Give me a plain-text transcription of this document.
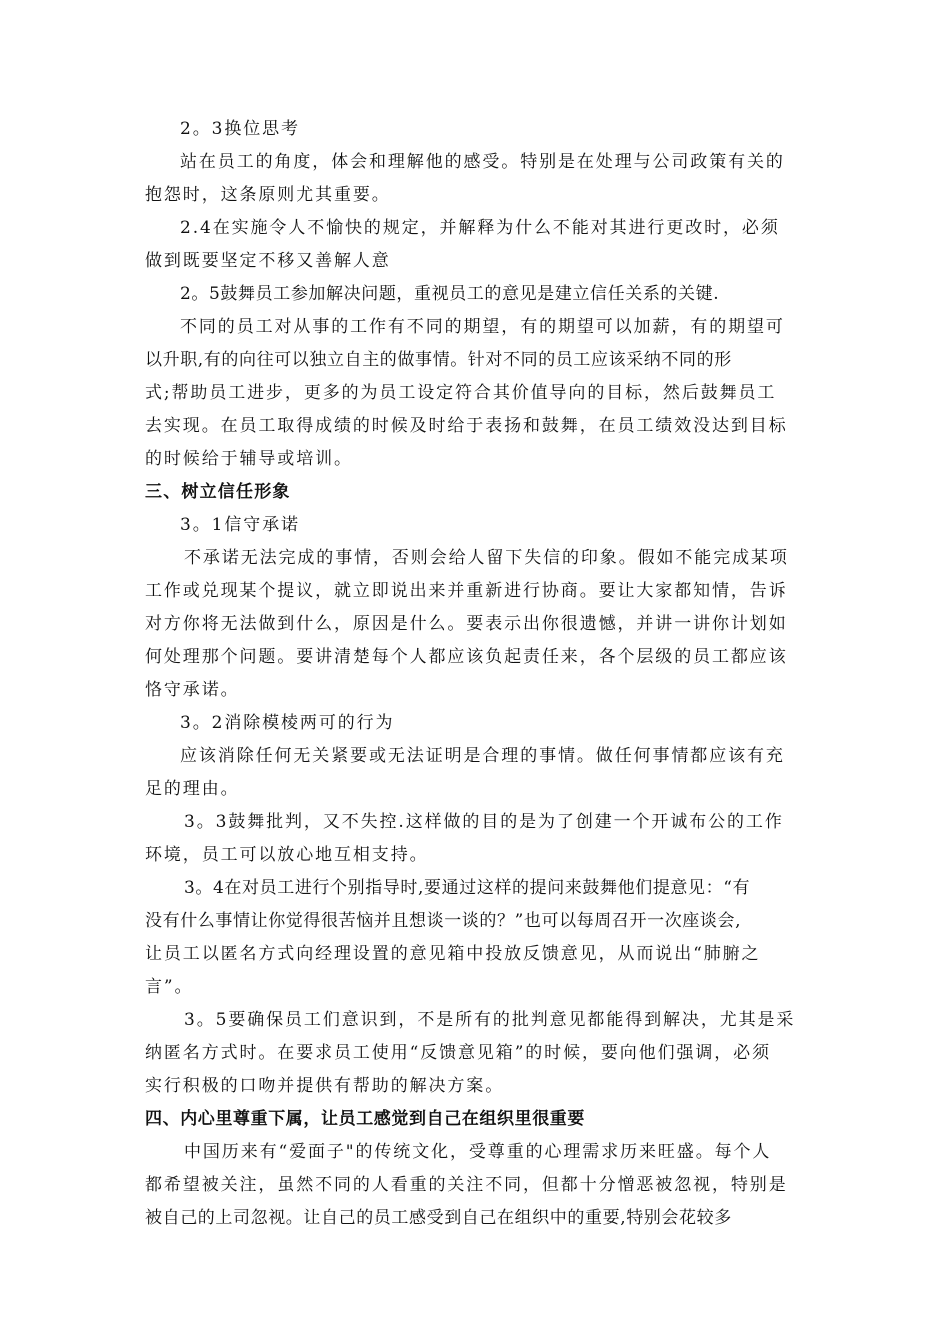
2。3换位思考
站在员工的角度，体会和理解他的感受。特别是在处理与公司政策有关的
抱怨时，这条原则尤其重要。
2.4在实施令人不愉快的规定，并解释为什么不能对其进行更改时，必须
做到既要坚定不移又善解人意
2。5鼓舞员工参加解决问题，重视员工的意见是建立信任关系的关键.
不同的员工对从事的工作有不同的期望，有的期望可以加薪，有的期望可
以升职,有的向往可以独立自主的做事情。针对不同的员工应该采纳不同的形
式;帮助员工进步，更多的为员工设定符合其价值导向的目标，然后鼓舞员工
去实现。在员工取得成绩的时候及时给于表扬和鼓舞，在员工绩效没达到目标
的时候给于辅导或培训。
三、树立信任形象
3。1信守承诺
不承诺无法完成的事情，否则会给人留下失信的印象。假如不能完成某项
工作或兑现某个提议，就立即说出来并重新进行协商。要让大家都知情，告诉
对方你将无法做到什么，原因是什么。要表示出你很遗憾，并讲一讲你计划如
何处理那个问题。要讲清楚每个人都应该负起责任来，各个层级的员工都应该
恪守承诺。
3。2消除模棱两可的行为
应该消除任何无关紧要或无法证明是合理的事情。做任何事情都应该有充
足的理由。
3。3鼓舞批判，又不失控.这样做的目的是为了创建一个开诚布公的工作
环境，员工可以放心地互相支持。
3。4在对员工进行个别指导时,要通过这样的提问来鼓舞他们提意见：“有
没有什么事情让你觉得很苦恼并且想谈一谈的？”也可以每周召开一次座谈会,
让员工以匿名方式向经理设置的意见箱中投放反馈意见，从而说出“肺腑之
言”。
3。5要确保员工们意识到，不是所有的批判意见都能得到解决，尤其是采
纳匿名方式时。在要求员工使用“反馈意见箱”的时候，要向他们强调，必须
实行积极的口吻并提供有帮助的解决方案。
四、内心里尊重下属，让员工感觉到自己在组织里很重要
中国历来有“爱面子"的传统文化，受尊重的心理需求历来旺盛。每个人
都希望被关注，虽然不同的人看重的关注不同，但都十分憎恶被忽视，特别是
被自己的上司忽视。让自己的员工感受到自己在组织中的重要,特别会花较多
